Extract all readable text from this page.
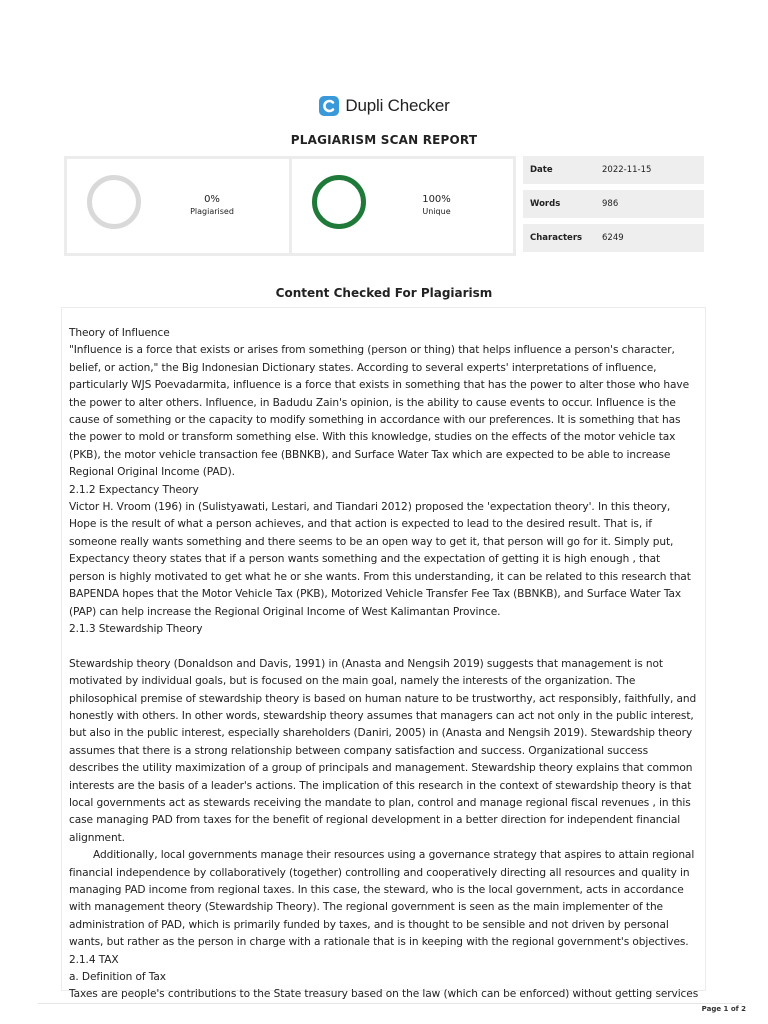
Dupli Checker
PLAGIARISM SCAN REPORT
0%
Plagiarised
100%
Unique
Date	2022-11-15
Words	986
Characters	6249
Content Checked For Plagiarism

Theory of Influence

"Influence is a force that exists or arises from something (person or thing) that helps influence a person's character, belief, or action," the Big Indonesian Dictionary states. According to several experts' interpretations of influence, particularly WJS Poevadarmita, influence is a force that exists in something that has the power to alter those who have the power to alter others. Influence, in Badudu Zain's opinion, is the ability to cause events to occur. Influence is the cause of something or the capacity to modify something in accordance with our preferences. It is something that has the power to mold or transform something else. With this knowledge, studies on the effects of the motor vehicle tax (PKB), the motor vehicle transaction fee (BBNKB), and Surface Water Tax which are expected to be able to increase Regional Original Income (PAD).

2.1.2 Expectancy Theory

Victor H. Vroom (196) in (Sulistyawati, Lestari, and Tiandari 2012) proposed the 'expectation theory'. In this theory, Hope is the result of what a person achieves, and that action is expected to lead to the desired result. That is, if someone really wants something and there seems to be an open way to get it, that person will go for it. Simply put, Expectancy theory states that if a person wants something and the expectation of getting it is high enough , that person is highly motivated to get what he or she wants. From this understanding, it can be related to this research that BAPENDA hopes that the Motor Vehicle Tax (PKB), Motorized Vehicle Transfer Fee Tax (BBNKB), and Surface Water Tax (PAP) can help increase the Regional Original Income of West Kalimantan Province.

2.1.3 Stewardship Theory

Stewardship theory (Donaldson and Davis, 1991) in (Anasta and Nengsih 2019) suggests that management is not motivated by individual goals, but is focused on the main goal, namely the interests of the organization. The philosophical premise of stewardship theory is based on human nature to be trustworthy, act responsibly, faithfully, and honestly with others. In other words, stewardship theory assumes that managers can act not only in the public interest, but also in the public interest, especially shareholders (Daniri, 2005) in (Anasta and Nengsih 2019). Stewardship theory assumes that there is a strong relationship between company satisfaction and success. Organizational success describes the utility maximization of a group of principals and management. Stewardship theory explains that common interests are the basis of a leader's actions. The implication of this research in the context of stewardship theory is that local governments act as stewards receiving the mandate to plan, control and manage regional fiscal revenues , in this case managing PAD from taxes for the benefit of regional development in a better direction for independent financial alignment.

Additionally, local governments manage their resources using a governance strategy that aspires to attain regional financial independence by collaboratively (together) controlling and cooperatively directing all resources and quality in managing PAD income from regional taxes. In this case, the steward, who is the local government, acts in accordance with management theory (Stewardship Theory). The regional government is seen as the main implementer of the administration of PAD, which is primarily funded by taxes, and is thought to be sensible and not driven by personal wants, but rather as the person in charge with a rationale that is in keeping with the regional government's objectives.

2.1.4 TAX

a. Definition of Tax

Taxes are people's contributions to the State treasury based on the law (which can be enforced) without getting services

Page 1 of 2
